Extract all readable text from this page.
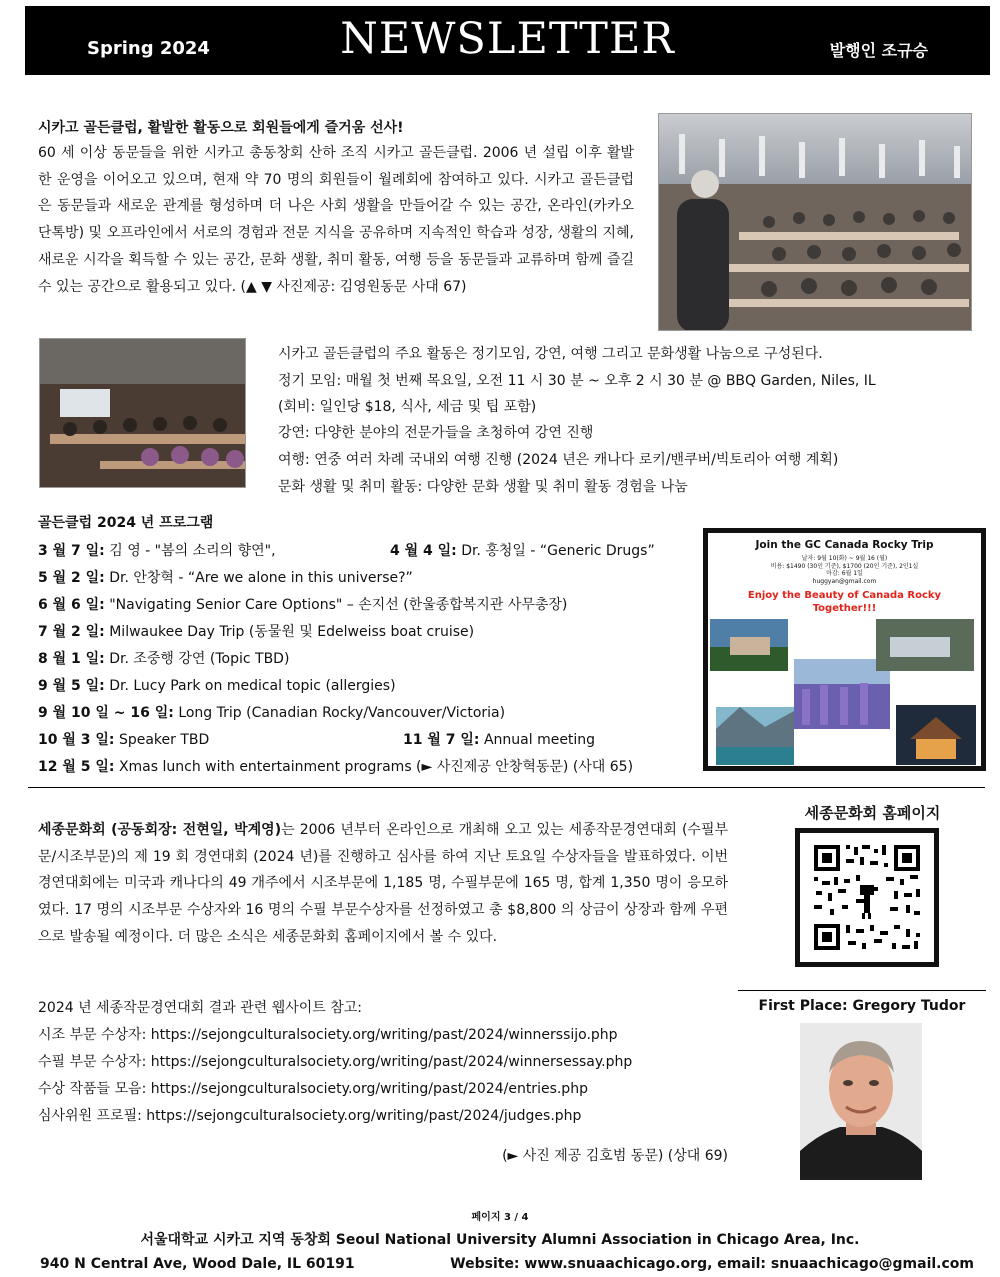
Spring 2024	NEWSLETTER	발행인 조규승
시카고 골든클럽, 활발한 활동으로 회원들에게 즐거움 선사!
60 세 이상 동문들을 위한 시카고 총동창회 산하 조직 시카고 골든클럽. 2006 년 설립 이후 활발한 운영을 이어오고 있으며, 현재 약 70 명의 회원들이 월례회에 참여하고 있다. 시카고 골든클럽은 동문들과 새로운 관계를 형성하며 더 나은 사회 생활을 만들어갈 수 있는 공간, 온라인(카카오 단톡방) 및 오프라인에서 서로의 경험과 전문 지식을 공유하며 지속적인 학습과 성장, 생활의 지혜, 새로운 시각을 획득할 수 있는 공간, 문화 생활, 취미 활동, 여행 등을 동문들과 교류하며 함께 즐길 수 있는 공간으로 활용되고 있다. (▲ ▼ 사진제공: 김영원동문 사대 67)
시카고 골든클럽의 주요 활동은 정기모임, 강연, 여행 그리고 문화생활 나눔으로 구성된다.
정기 모임: 매월 첫 번째 목요일, 오전 11 시 30 분 ~ 오후 2 시 30 분 @ BBQ Garden, Niles, IL
(회비: 일인당 $18, 식사, 세금 및 팁 포함)
강연: 다양한 분야의 전문가들을 초청하여 강연 진행
여행: 연중 여러 차례 국내외 여행 진행 (2024 년은 캐나다 로키/밴쿠버/빅토리아 여행 계획)
문화 생활 및 취미 활동: 다양한 문화 생활 및 취미 활동 경험을 나눔
골든클럽 2024 년 프로그램
3 월 7 일: 김 영 - "봄의 소리의 향연",	4 월 4 일: Dr. 홍청일 - “Generic Drugs”
5 월 2 일: Dr. 안창혁 - “Are we alone in this universe?”
6 월 6 일: "Navigating Senior Care Options" – 손지선 (한울종합복지관 사무총장)
7 월 2 일: Milwaukee Day Trip (동물원 및 Edelweiss boat cruise)
8 월 1 일: Dr. 조중행 강연 (Topic TBD)
9 월 5 일: Dr. Lucy Park on medical topic (allergies)
9 월 10 일 ~ 16 일: Long Trip (Canadian Rocky/Vancouver/Victoria)
10 월 3 일: Speaker TBD	11 월 7 일: Annual meeting
12 월 5 일: Xmas lunch with entertainment programs (► 사진제공 안창혁동문) (사대 65)
Join the GC Canada Rocky Trip
날자: 9월 10(화) ~ 9월 16 (월)
비용: $1490 (30인 기준), $1700 (20인 기준), 2인1실
마감: 6월 1일
huggyan@gmail.com
Enjoy the Beauty of Canada Rocky
Together!!!
세종문화회 (공동회장: 전현일, 박계영)는 2006 년부터 온라인으로 개최해 오고 있는 세종작문경연대회 (수필부문/시조부문)의 제 19 회 경연대회 (2024 년)를 진행하고 심사를 하여 지난 토요일 수상자들을 발표하였다. 이번 경연대회에는 미국과 캐나다의 49 개주에서 시조부문에 1,185 명, 수필부문에 165 명, 합계 1,350 명이 응모하였다. 17 명의 시조부문 수상자와 16 명의 수필 부문수상자를 선정하였고 총 $8,800 의 상금이 상장과 함께 우편으로 발송될 예정이다. 더 많은 소식은 세종문화회 홈페이지에서 볼 수 있다.
2024 년 세종작문경연대회 결과 관련 웹사이트 참고:
시조 부문 수상자: https://sejongculturalsociety.org/writing/past/2024/winnerssijo.php
수필 부문 수상자: https://sejongculturalsociety.org/writing/past/2024/winnersessay.php
수상 작품들 모음: https://sejongculturalsociety.org/writing/past/2024/entries.php
심사위원 프로필: https://sejongculturalsociety.org/writing/past/2024/judges.php
(► 사진 제공 김호범 동문) (상대 69)
세종문화회 홈페이지
First Place: Gregory Tudor
페이지 3 / 4
서울대학교 시카고 지역 동창회 Seoul National University Alumni Association in Chicago Area, Inc.
940 N Central Ave, Wood Dale, IL 60191	Website: www.snuaachicago.org, email: snuaachicago@gmail.com
